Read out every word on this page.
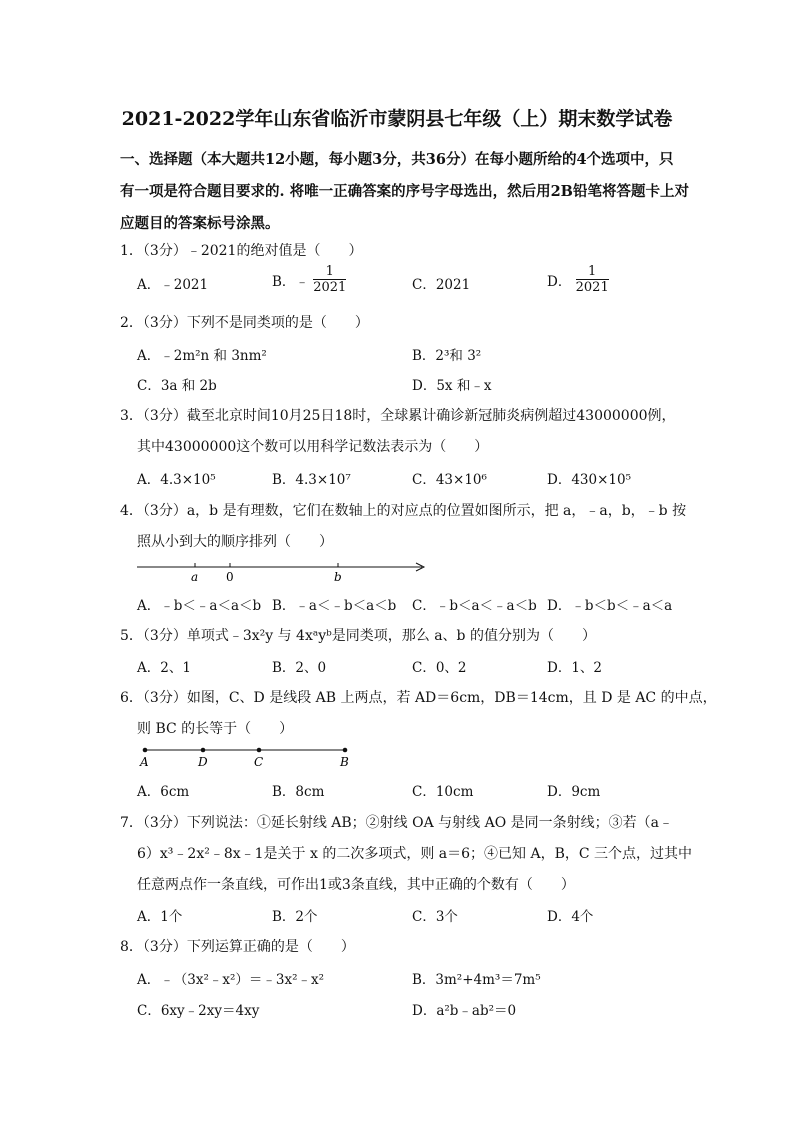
2021-2022学年山东省临沂市蒙阴县七年级（上）期末数学试卷
一、选择题（本大题共12小题，每小题3分，共36分）在每小题所给的4个选项中，只
有一项是符合题目要求的. 将唯一正确答案的序号字母选出，然后用2B铅笔将答题卡上对
应题目的答案标号涂黑。
1．（3分）﹣2021的绝对值是（　　）
A．﹣2021	B．﹣ $\frac{1}{2021}$	C．2021	D． $\frac{1}{2021}$
2．（3分）下列不是同类项的是（　　）
A．﹣2m²n 和 3nm²	B．2³和 3²
C．3a 和 2b	D．5x 和﹣x
3．（3分）截至北京时间10月25日18时，全球累计确诊新冠肺炎病例超过43000000例，
其中43000000这个数可以用科学记数法表示为（　　）
A．4.3×10⁵	B．4.3×10⁷	C．43×10⁶	D．430×10⁵
4．（3分）a，b 是有理数，它们在数轴上的对应点的位置如图所示，把 a，﹣a，b，﹣b 按
照从小到大的顺序排列（　　）
a 0	b
A．﹣b＜﹣a＜a＜b B．﹣a＜﹣b＜a＜b C．﹣b＜a＜﹣a＜b D．﹣b＜b＜﹣a＜a
5．（3分）单项式﹣3x²y 与 4xᵃyᵇ是同类项，那么 a、b 的值分别为（　　）
A．2、1	B．2、0	C．0、2	D．1、2
6．（3分）如图，C、D 是线段 AB 上两点，若 AD＝6cm，DB＝14cm，且 D 是 AC 的中点，
则 BC 的长等于（　　）
A	D	C	B
A．6cm	B．8cm	C．10cm	D．9cm
7．（3分）下列说法：①延长射线 AB；②射线 OA 与射线 AO 是同一条射线；③若（a﹣
6）x³﹣2x²﹣8x﹣1是关于 x 的二次多项式，则 a＝6；④已知 A，B，C 三个点，过其中
任意两点作一条直线，可作出1或3条直线，其中正确的个数有（　　）
A．1个	B．2个	C．3个	D．4个
8．（3分）下列运算正确的是（　　）
A．﹣（3x²﹣x²）＝﹣3x²﹣x²	B．3m²+4m³＝7m⁵
C．6xy﹣2xy＝4xy	D．a²b﹣ab²＝0
